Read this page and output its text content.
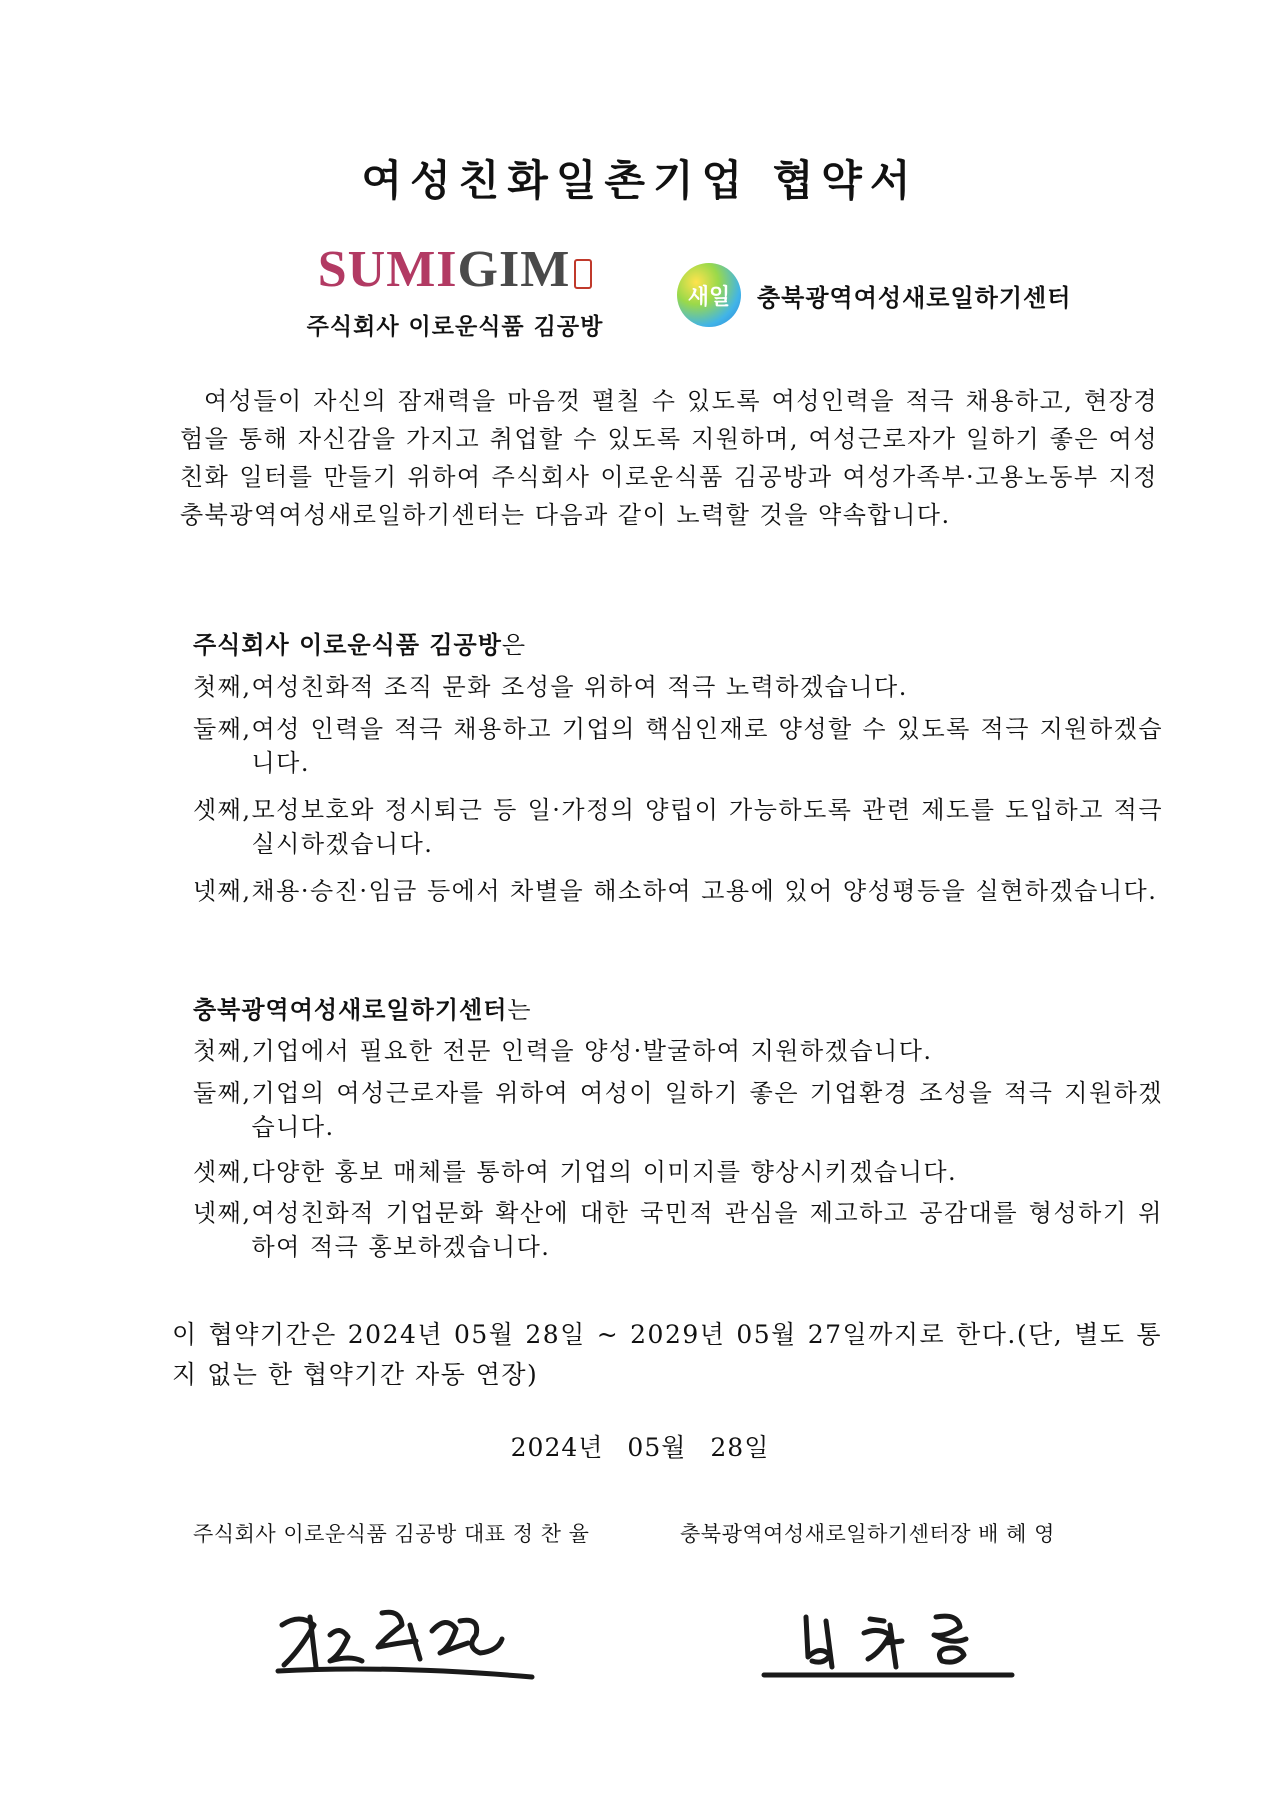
여성친화일촌기업 협약서
SUMIGIM
주식회사 이로운식품 김공방
새일 충북광역여성새로일하기센터
여성들이 자신의 잠재력을 마음껏 펼칠 수 있도록 여성인력을 적극 채용하고, 현장경험을 통해 자신감을 가지고 취업할 수 있도록 지원하며, 여성근로자가 일하기 좋은 여성친화 일터를 만들기 위하여 주식회사 이로운식품 김공방과 여성가족부·고용노동부 지정 충북광역여성새로일하기센터는 다음과 같이 노력할 것을 약속합니다.
주식회사 이로운식품 김공방은
첫째, 여성친화적 조직 문화 조성을 위하여 적극 노력하겠습니다.
둘째, 여성 인력을 적극 채용하고 기업의 핵심인재로 양성할 수 있도록 적극 지원하겠습니다.
셋째, 모성보호와 정시퇴근 등 일·가정의 양립이 가능하도록 관련 제도를 도입하고 적극 실시하겠습니다.
넷째, 채용·승진·임금 등에서 차별을 해소하여 고용에 있어 양성평등을 실현하겠습니다.
충북광역여성새로일하기센터는
첫째, 기업에서 필요한 전문 인력을 양성·발굴하여 지원하겠습니다.
둘째, 기업의 여성근로자를 위하여 여성이 일하기 좋은 기업환경 조성을 적극 지원하겠습니다.
셋째, 다양한 홍보 매체를 통하여 기업의 이미지를 향상시키겠습니다.
넷째, 여성친화적 기업문화 확산에 대한 국민적 관심을 제고하고 공감대를 형성하기 위하여 적극 홍보하겠습니다.
이 협약기간은 2024년 05월 28일 ~ 2029년 05월 27일까지로 한다.(단, 별도 통지 없는 한 협약기간 자동 연장)
2024년 05월 28일
주식회사 이로운식품 김공방 대표 정 찬 율	충북광역여성새로일하기센터장 배 혜 영
